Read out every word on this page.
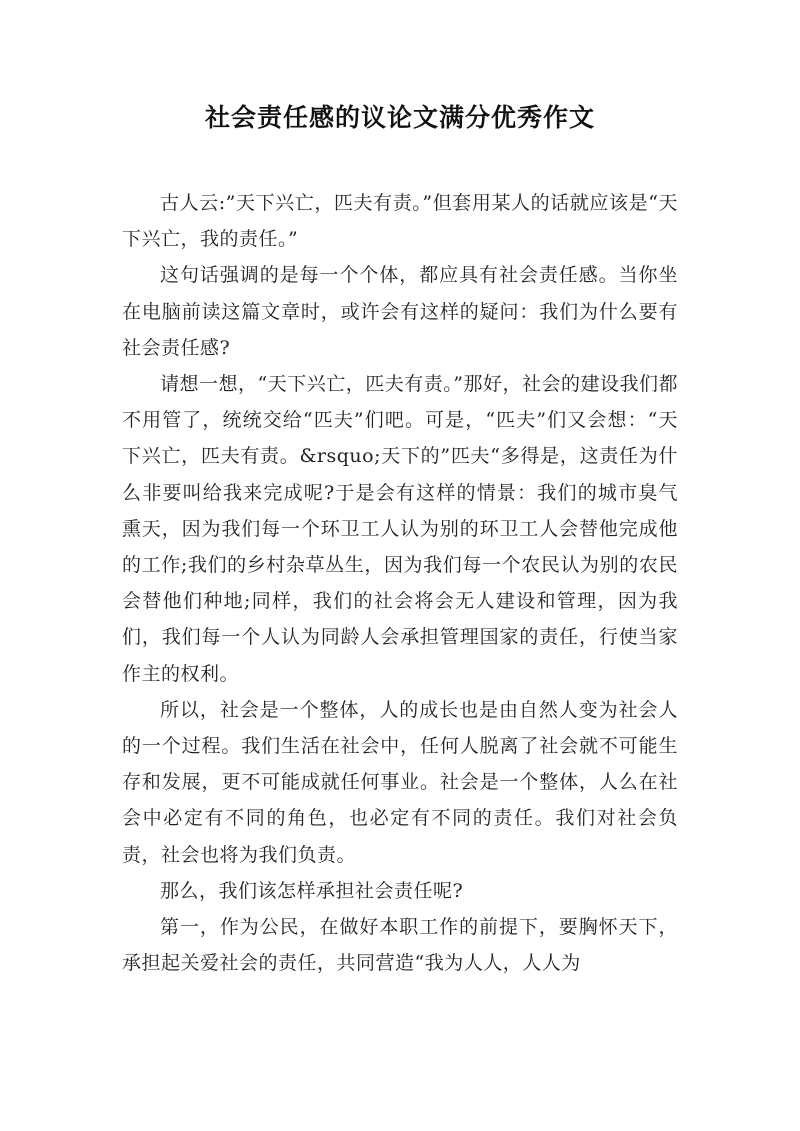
社会责任感的议论文满分优秀作文

古人云:”天下兴亡，匹夫有责。”但套用某人的话就应该是“天下兴亡，我的责任。”

这句话强调的是每一个个体，都应具有社会责任感。当你坐在电脑前读这篇文章时，或许会有这样的疑问：我们为什么要有社会责任感?

请想一想，“天下兴亡，匹夫有责。”那好，社会的建设我们都不用管了，统统交给“匹夫”们吧。可是，“匹夫”们又会想：“天下兴亡，匹夫有责。&rsquo;天下的”匹夫“多得是，这责任为什么非要叫给我来完成呢?于是会有这样的情景：我们的城市臭气熏天，因为我们每一个环卫工人认为别的环卫工人会替他完成他的工作;我们的乡村杂草丛生，因为我们每一个农民认为别的农民会替他们种地;同样，我们的社会将会无人建设和管理，因为我们，我们每一个人认为同龄人会承担管理国家的责任，行使当家作主的权利。

所以，社会是一个整体，人的成长也是由自然人变为社会人的一个过程。我们生活在社会中，任何人脱离了社会就不可能生存和发展，更不可能成就任何事业。社会是一个整体，人么在社会中必定有不同的角色，也必定有不同的责任。我们对社会负责，社会也将为我们负责。

那么，我们该怎样承担社会责任呢?

第一，作为公民，在做好本职工作的前提下，要胸怀天下，承担起关爱社会的责任，共同营造“我为人人，人人为
